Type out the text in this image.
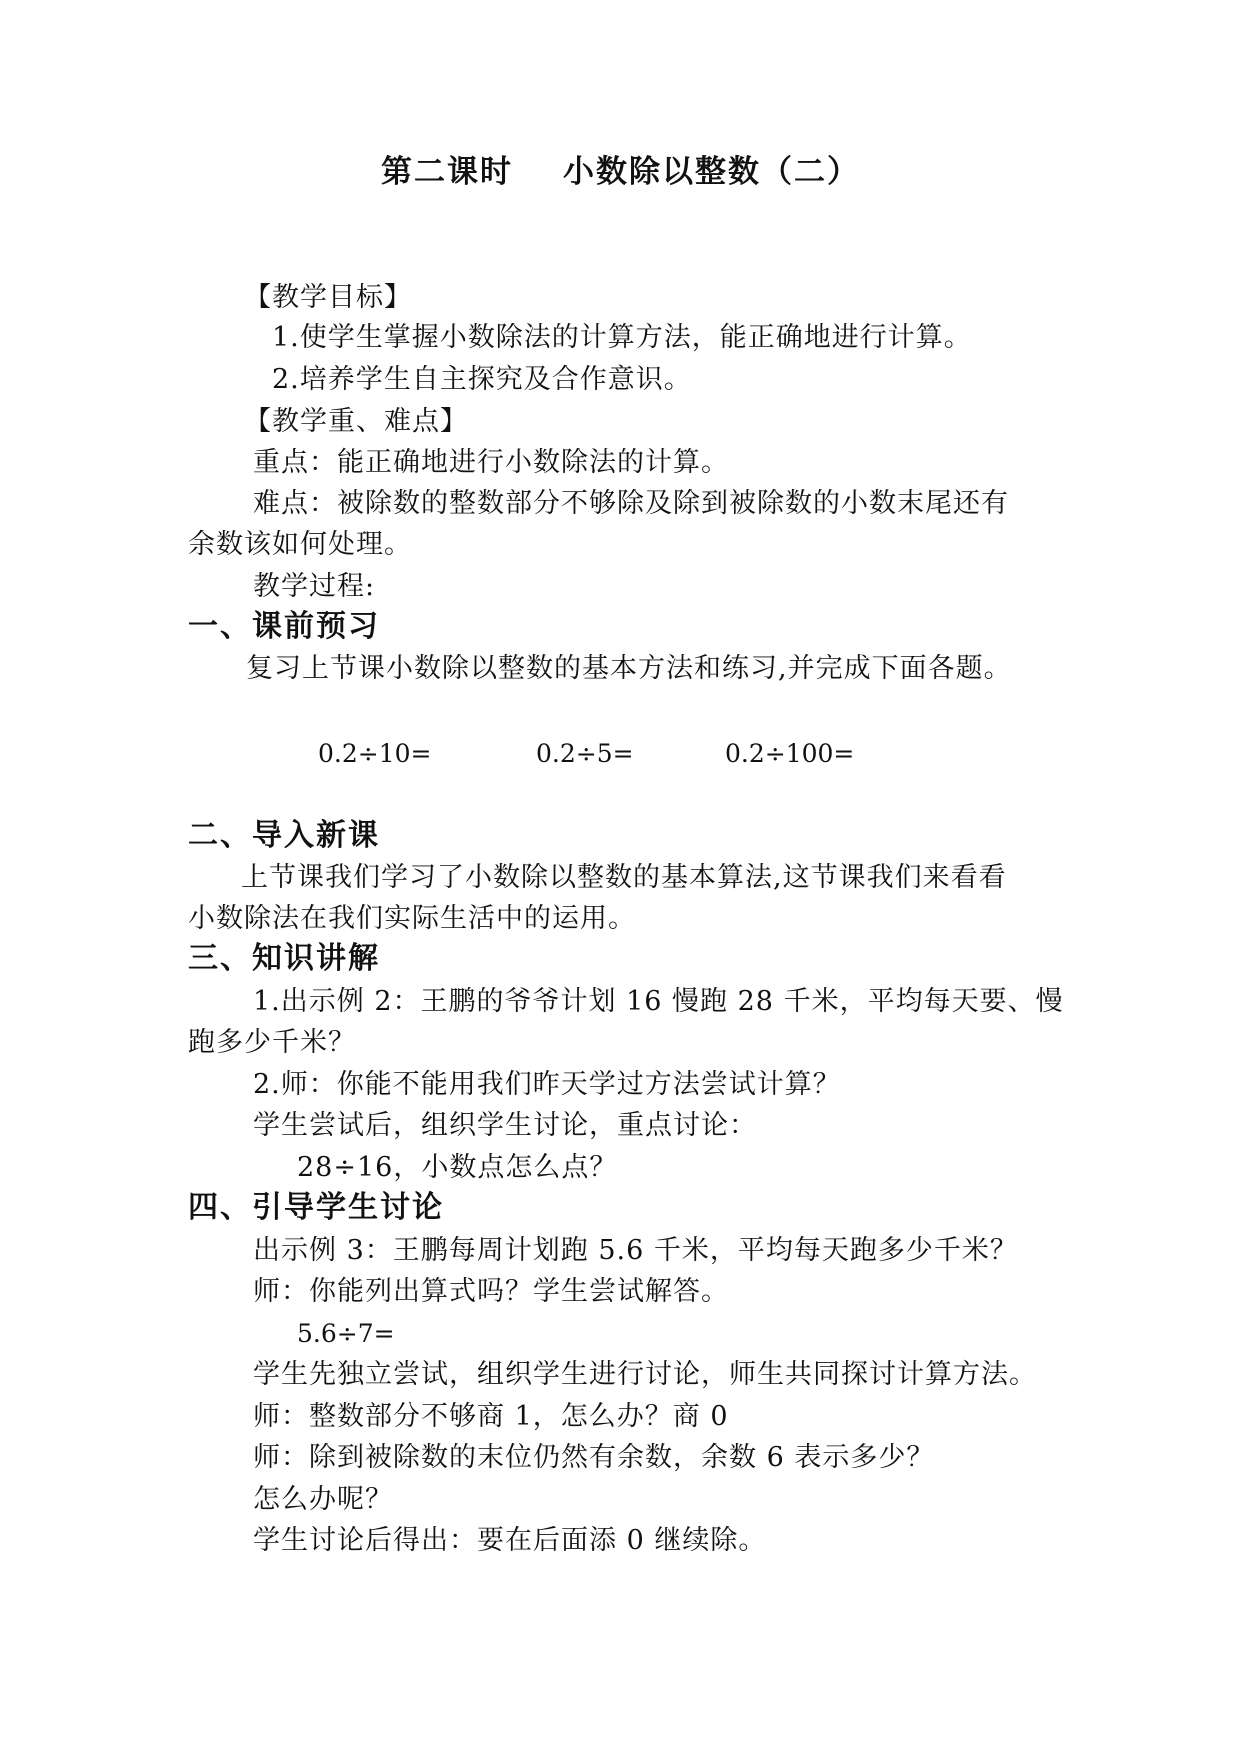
第二课时 小数除以整数（二）
【教学目标】
1.使学生掌握小数除法的计算方法，能正确地进行计算。
2.培养学生自主探究及合作意识。
【教学重、难点】
重点：能正确地进行小数除法的计算。
难点：被除数的整数部分不够除及除到被除数的小数末尾还有
余数该如何处理。
教学过程:
一、课前预习
复习上节课小数除以整数的基本方法和练习,并完成下面各题。
0.2÷10=	0.2÷5=	0.2÷100=
二、导入新课
上节课我们学习了小数除以整数的基本算法,这节课我们来看看
小数除法在我们实际生活中的运用。
三、知识讲解
1.出示例 2：王鹏的爷爷计划 16 慢跑 28 千米，平均每天要、慢
跑多少千米？
2.师：你能不能用我们昨天学过方法尝试计算？
学生尝试后，组织学生讨论，重点讨论：
28÷16，小数点怎么点？
四、引导学生讨论
出示例 3：王鹏每周计划跑 5.6 千米，平均每天跑多少千米？
师：你能列出算式吗？学生尝试解答。
5.6÷7=
学生先独立尝试，组织学生进行讨论，师生共同探讨计算方法。
师：整数部分不够商 1，怎么办？商 0
师：除到被除数的末位仍然有余数，余数 6 表示多少？
怎么办呢？
学生讨论后得出：要在后面添 0 继续除。
